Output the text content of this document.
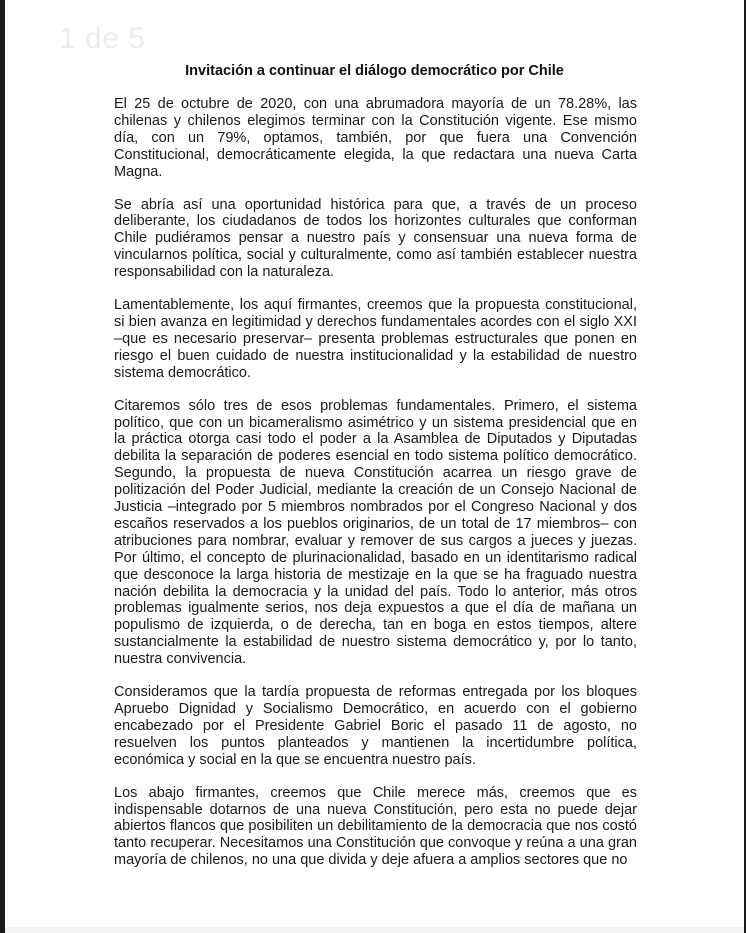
1 de 5
Invitación a continuar el diálogo democrático por Chile

El 25 de octubre de 2020, con una abrumadora mayoría de un 78.28%, las chilenas y chilenos elegimos terminar con la Constitución vigente. Ese mismo día, con un 79%, optamos, también, por que fuera una Convención Constitucional, democráticamente elegida, la que redactara una nueva Carta Magna.

Se abría así una oportunidad histórica para que, a través de un proceso deliberante, los ciudadanos de todos los horizontes culturales que conforman Chile pudiéramos pensar a nuestro país y consensuar una nueva forma de vincularnos política, social y culturalmente, como así también establecer nuestra responsabilidad con la naturaleza.

Lamentablemente, los aquí firmantes, creemos que la propuesta constitucional, si bien avanza en legitimidad y derechos fundamentales acordes con el siglo XXI –que es necesario preservar– presenta problemas estructurales que ponen en riesgo el buen cuidado de nuestra institucionalidad y la estabilidad de nuestro sistema democrático.

Citaremos sólo tres de esos problemas fundamentales. Primero, el sistema político, que con un bicameralismo asimétrico y un sistema presidencial que en la práctica otorga casi todo el poder a la Asamblea de Diputados y Diputadas debilita la separación de poderes esencial en todo sistema político democrático. Segundo, la propuesta de nueva Constitución acarrea un riesgo grave de politización del Poder Judicial, mediante la creación de un Consejo Nacional de Justicia –integrado por 5 miembros nombrados por el Congreso Nacional y dos escaños reservados a los pueblos originarios, de un total de 17 miembros– con atribuciones para nombrar, evaluar y remover de sus cargos a jueces y juezas. Por último, el concepto de plurinacionalidad, basado en un identitarismo radical que desconoce la larga historia de mestizaje en la que se ha fraguado nuestra nación debilita la democracia y la unidad del país. Todo lo anterior, más otros problemas igualmente serios, nos deja expuestos a que el día de mañana un populismo de izquierda, o de derecha, tan en boga en estos tiempos, altere sustancialmente la estabilidad de nuestro sistema democrático y, por lo tanto, nuestra convivencia.

Consideramos que la tardía propuesta de reformas entregada por los bloques Apruebo Dignidad y Socialismo Democrático, en acuerdo con el gobierno encabezado por el Presidente Gabriel Boric el pasado 11 de agosto, no resuelven los puntos planteados y mantienen la incertidumbre política, económica y social en la que se encuentra nuestro país.

Los abajo firmantes, creemos que Chile merece más, creemos que es indispensable dotarnos de una nueva Constitución, pero esta no puede dejar abiertos flancos que posibiliten un debilitamiento de la democracia que nos costó tanto recuperar. Necesitamos una Constitución que convoque y reúna a una gran mayoría de chilenos, no una que divida y deje afuera a amplios sectores que no
